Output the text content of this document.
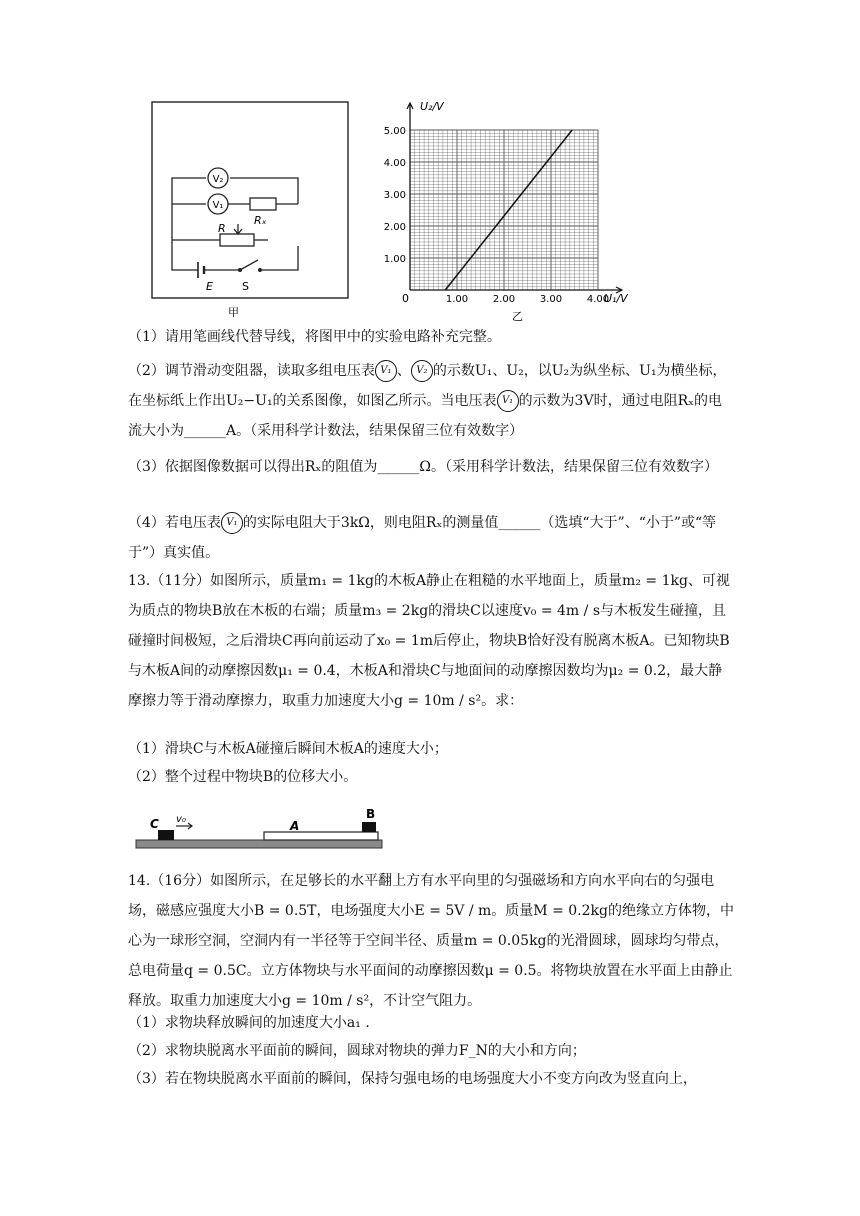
V₂
V₁
Rₓ
R
E	S
甲
1.00 2.00 3.00 4.00
1.00
2.00
3.00
4.00
5.00
U₂/V
U₁/V
0
乙

（1）请用笔画线代替导线，将图甲中的实验电路补充完整。

（2）调节滑动变阻器，读取多组电压表 V₁ 、 V₂ 的示数U₁、U₂，以U₂为纵坐标、U₁为横坐标，在坐标纸上作出U₂−U₁的关系图像，如图乙所示。当电压表 V₁ 的示数为3V时，通过电阻Rₓ的电流大小为______A。（采用科学计数法，结果保留三位有效数字）

（3）依据图像数据可以得出Rₓ的阻值为______Ω。（采用科学计数法，结果保留三位有效数字）

（4）若电压表 V₁ 的实际电阻大于3kΩ，则电阻Rₓ的测量值______（选填“大于”、“小于”或“等于”）真实值。

13.（11分）如图所示，质量m₁ = 1kg的木板A静止在粗糙的水平地面上，质量m₂ = 1kg、可视为质点的物块B放在木板的右端；质量m₃ = 2kg的滑块C以速度v₀ = 4m / s与木板发生碰撞，且碰撞时间极短，之后滑块C再向前运动了x₀ = 1m后停止，物块B恰好没有脱离木板A。已知物块B与木板A间的动摩擦因数μ₁ = 0.4，木板A和滑块C与地面间的动摩擦因数均为μ₂ = 0.2，最大静摩擦力等于滑动摩擦力，取重力加速度大小g = 10m / s²。求：

（1）滑块C与木板A碰撞后瞬间木板A的速度大小；

（2）整个过程中物块B的位移大小。

C v₀	A
B

14.（16分）如图所示，在足够长的水平翻上方有水平向里的匀强磁场和方向水平向右的匀强电场，磁感应强度大小B = 0.5T，电场强度大小E = 5V / m。质量M = 0.2kg的绝缘立方体物，中心为一球形空洞，空洞内有一半径等于空间半径、质量m = 0.05kg的光滑圆球，圆球均匀带点，总电荷量q = 0.5C。立方体物块与水平面间的动摩擦因数μ = 0.5。将物块放置在水平面上由静止释放。取重力加速度大小g = 10m / s²，不计空气阻力。

（1）求物块释放瞬间的加速度大小a₁ .

（2）求物块脱离水平面前的瞬间，圆球对物块的弹力F_N的大小和方向；

（3）若在物块脱离水平面前的瞬间，保持匀强电场的电场强度大小不变方向改为竖直向上，
